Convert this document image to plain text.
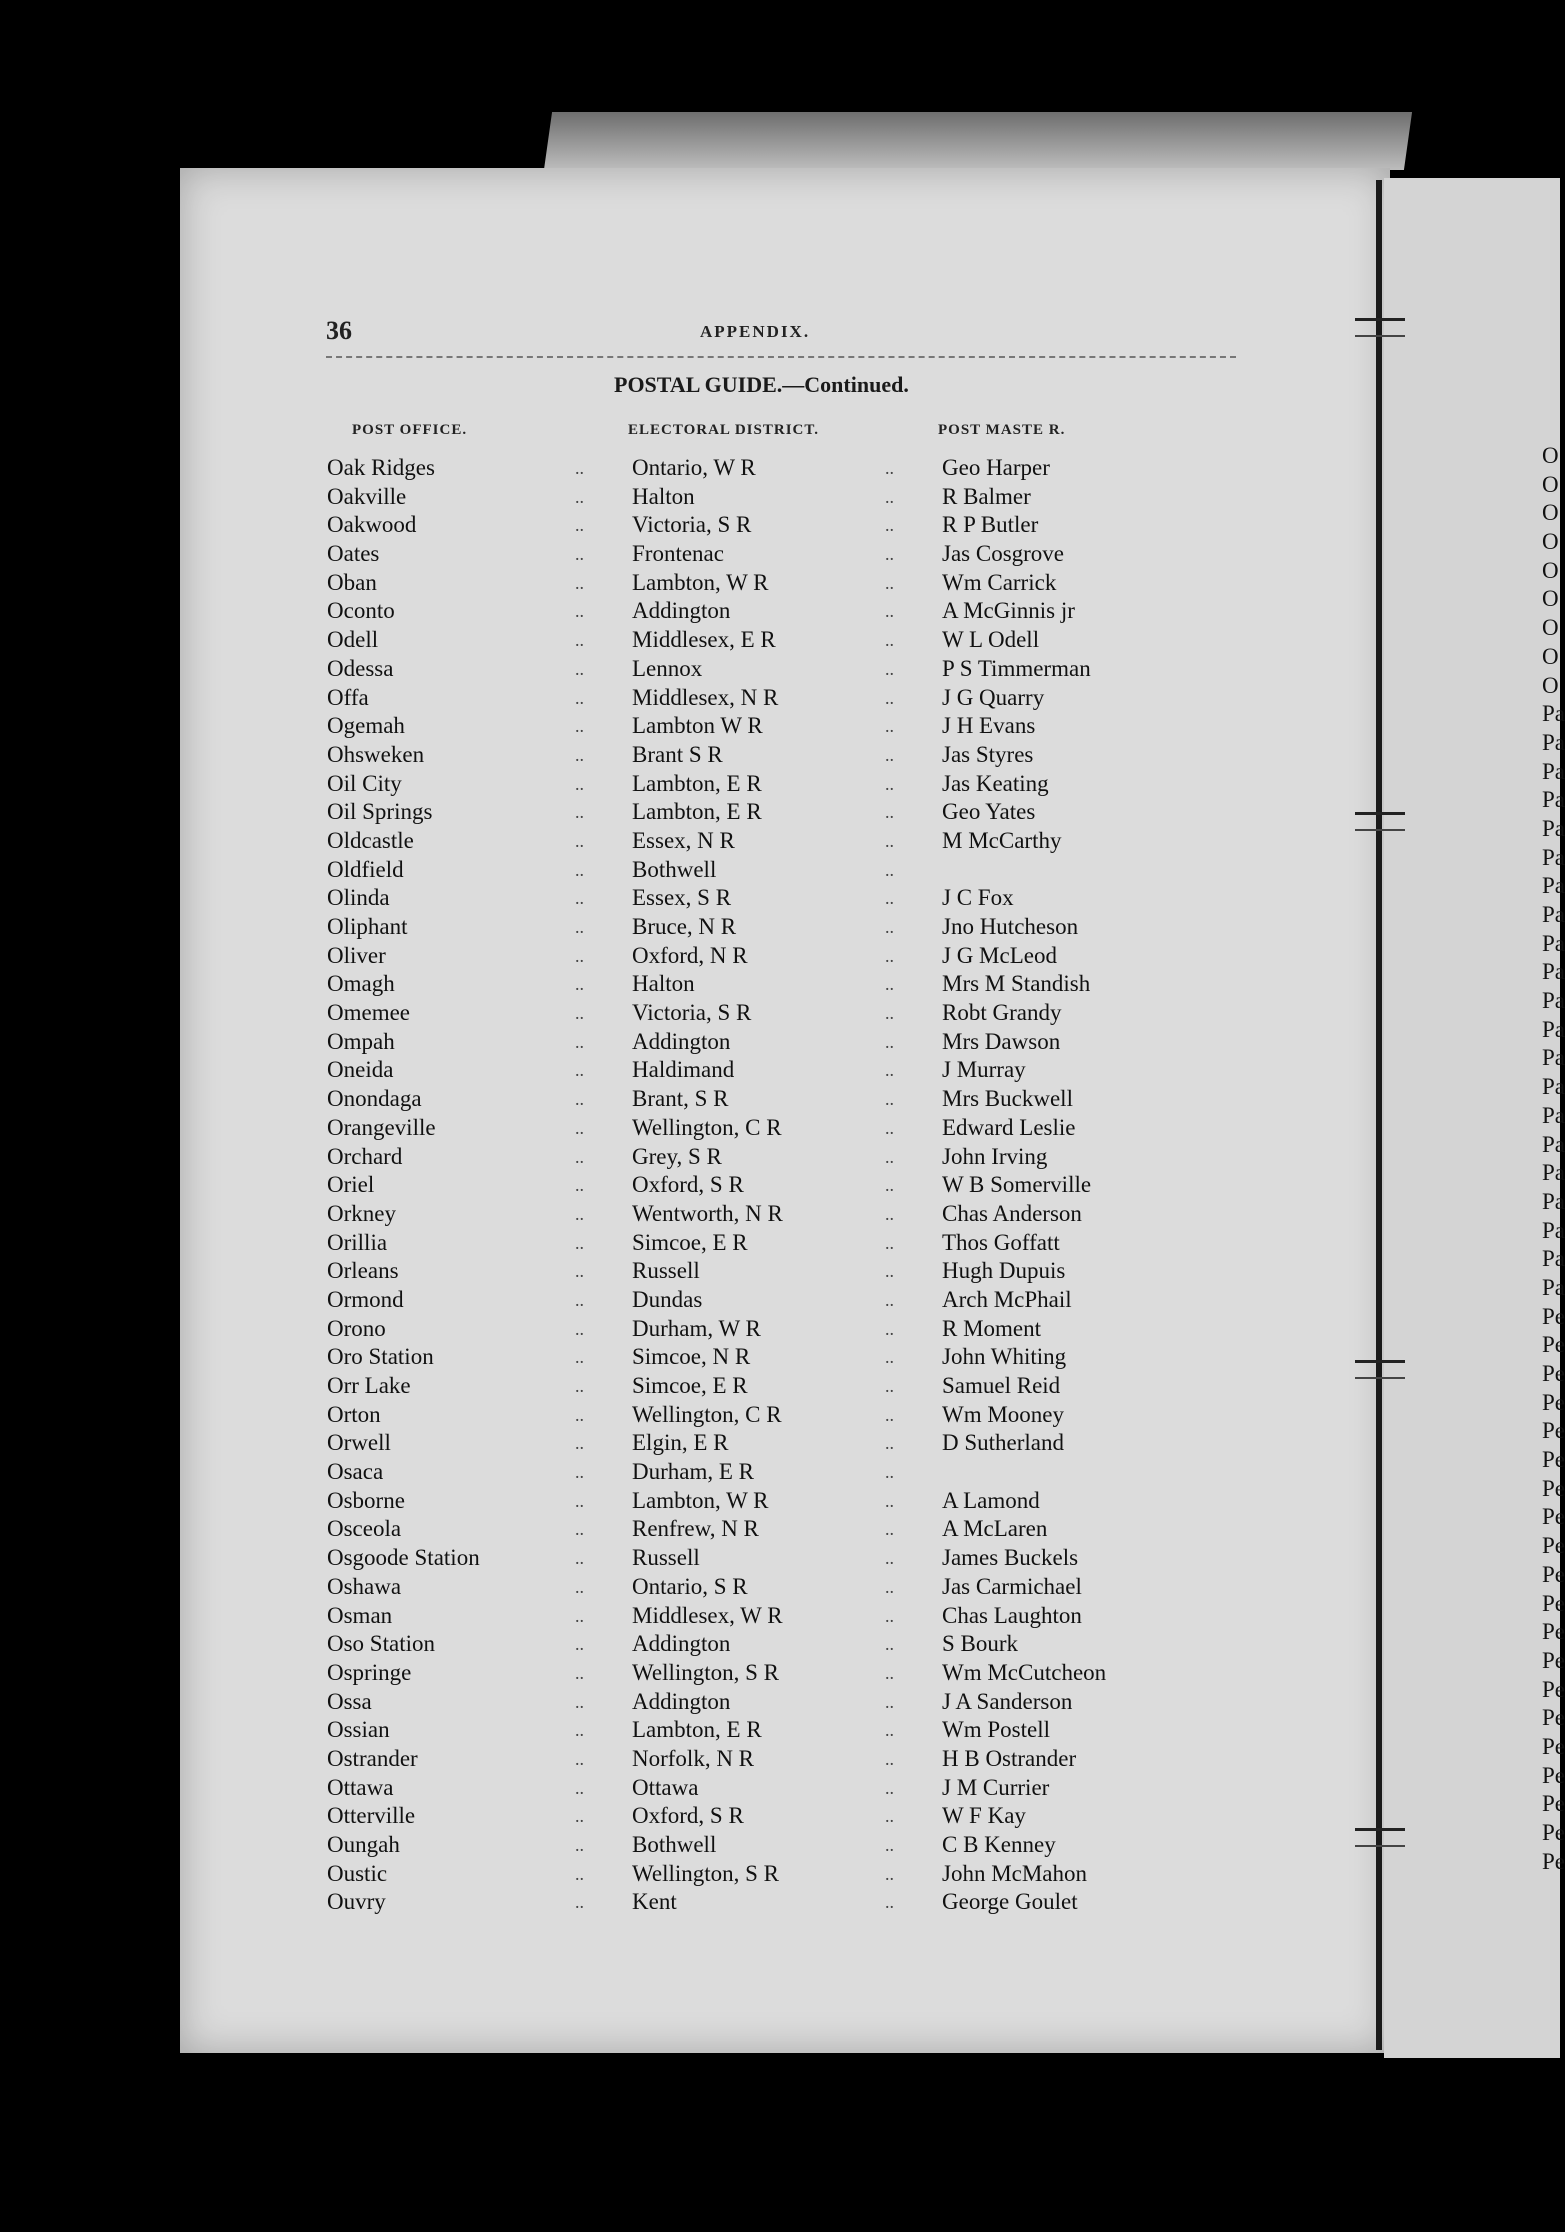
36	APPENDIX.
POSTAL GUIDE.—Continued.
POST OFFICE.	ELECTORAL DISTRICT.	POST MASTE R.
Oak Ridges	.. Ontario, W R	.. Geo Harper
Oakville	.. Halton	.. R Balmer
Oakwood	.. Victoria, S R	.. R P Butler
Oates	.. Frontenac	.. Jas Cosgrove
Oban	.. Lambton, W R	.. Wm Carrick
Oconto	.. Addington	.. A McGinnis jr
Odell	.. Middlesex, E R	.. W L Odell
Odessa	.. Lennox	.. P S Timmerman
Offa	.. Middlesex, N R	.. J G Quarry
Ogemah	.. Lambton W R	.. J H Evans
Ohsweken	.. Brant S R	.. Jas Styres
Oil City	.. Lambton, E R	.. Jas Keating
Oil Springs	.. Lambton, E R	.. Geo Yates
Oldcastle	.. Essex, N R	.. M McCarthy
Oldfield	.. Bothwell	..
Olinda	.. Essex, S R	.. J C Fox
Oliphant	.. Bruce, N R	.. Jno Hutcheson
Oliver	.. Oxford, N R	.. J G McLeod
Omagh	.. Halton	.. Mrs M Standish
Omemee	.. Victoria, S R	.. Robt Grandy
Ompah	.. Addington	.. Mrs Dawson
Oneida	.. Haldimand	.. J Murray
Onondaga	.. Brant, S R	.. Mrs Buckwell
Orangeville	.. Wellington, C R	.. Edward Leslie
Orchard	.. Grey, S R	.. John Irving
Oriel	.. Oxford, S R	.. W B Somerville
Orkney	.. Wentworth, N R	.. Chas Anderson
Orillia	.. Simcoe, E R	.. Thos Goffatt
Orleans	.. Russell	.. Hugh Dupuis
Ormond	.. Dundas	.. Arch McPhail
Orono	.. Durham, W R	.. R Moment
Oro Station	.. Simcoe, N R	.. John Whiting
Orr Lake	.. Simcoe, E R	.. Samuel Reid
Orton	.. Wellington, C R	.. Wm Mooney
Orwell	.. Elgin, E R	.. D Sutherland
Osaca	.. Durham, E R	..
Osborne	.. Lambton, W R	.. A Lamond
Osceola	.. Renfrew, N R	.. A McLaren
Osgoode Station	.. Russell	.. James Buckels
Oshawa	.. Ontario, S R	.. Jas Carmichael
Osman	.. Middlesex, W R	.. Chas Laughton
Oso Station	.. Addington	.. S Bourk
Ospringe	.. Wellington, S R	.. Wm McCutcheon
Ossa	.. Addington	.. J A Sanderson
Ossian	.. Lambton, E R	.. Wm Postell
Ostrander	.. Norfolk, N R	.. H B Ostrander
Ottawa	.. Ottawa	.. J M Currier
Otterville	.. Oxford, S R	.. W F Kay
Oungah	.. Bothwell	.. C B Kenney
Oustic	.. Wellington, S R	.. John McMahon
Ouvry	.. Kent	.. George Goulet
O
O
O
O
O
O
O
O
O
Pa
Pa
Pa
Pa
Pa
Pa
Pa
Pa
Pa
Pa
Pa
Pa
Pa
Pa
Pa
Pa
Pa
Pa
Pa
Pa
Pa
Pe
Pe
Pe
Pe
Pe
Pe
Pe
Pe
Pe
Pe
Pe
Pe
Pe
Pe
Pe
Pe
Pe
Pe
Pe
Pe
